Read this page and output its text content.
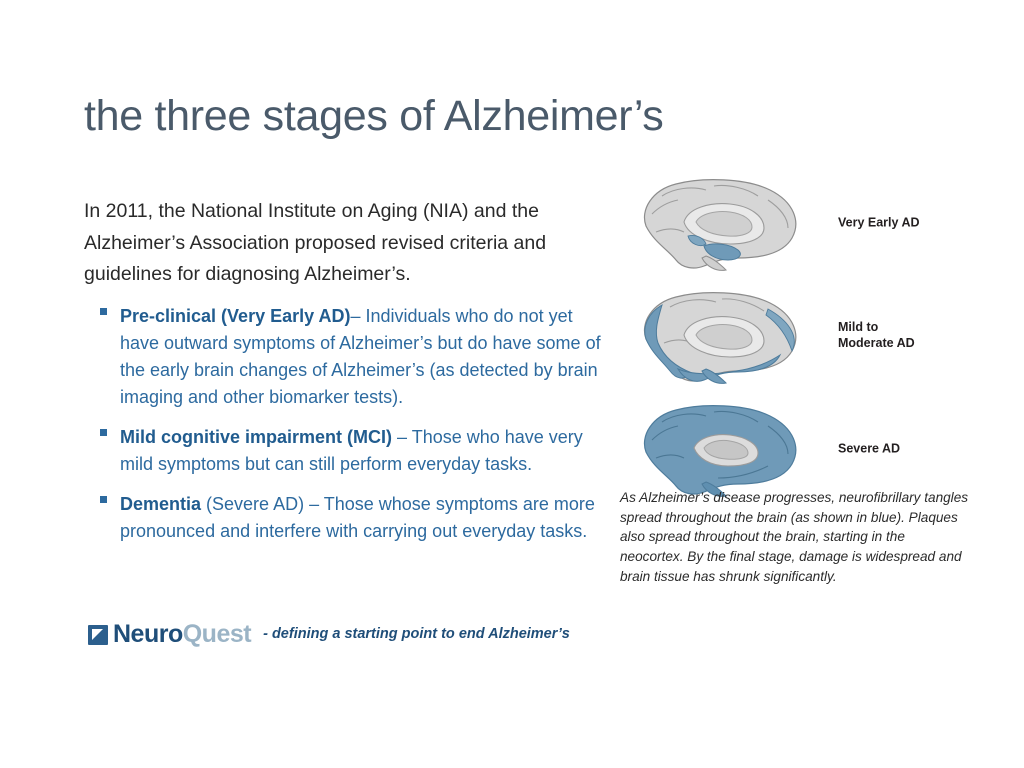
the three stages of Alzheimer’s
In 2011, the National Institute on Aging (NIA) and the Alzheimer’s Association proposed revised criteria and guidelines for diagnosing Alzheimer’s.
Pre-clinical (Very Early AD)– Individuals who do not yet have outward symptoms of Alzheimer’s but do have some of the early brain changes of Alzheimer’s (as detected by brain imaging and other biomarker tests).
Mild cognitive impairment (MCI) – Those who have very mild symptoms but can still perform everyday tasks.
Dementia (Severe AD) – Those whose symptoms are more pronounced and interfere with carrying out everyday tasks.
Neuro Quest - defining a starting point to end Alzheimer’s
Very Early AD
Mild to
Moderate AD
Severe AD
As Alzheimer’s disease progresses, neurofibrillary tangles spread throughout the brain (as shown in blue). Plaques also spread throughout the brain, starting in the neocortex. By the final stage, damage is widespread and brain tissue has shrunk significantly.
